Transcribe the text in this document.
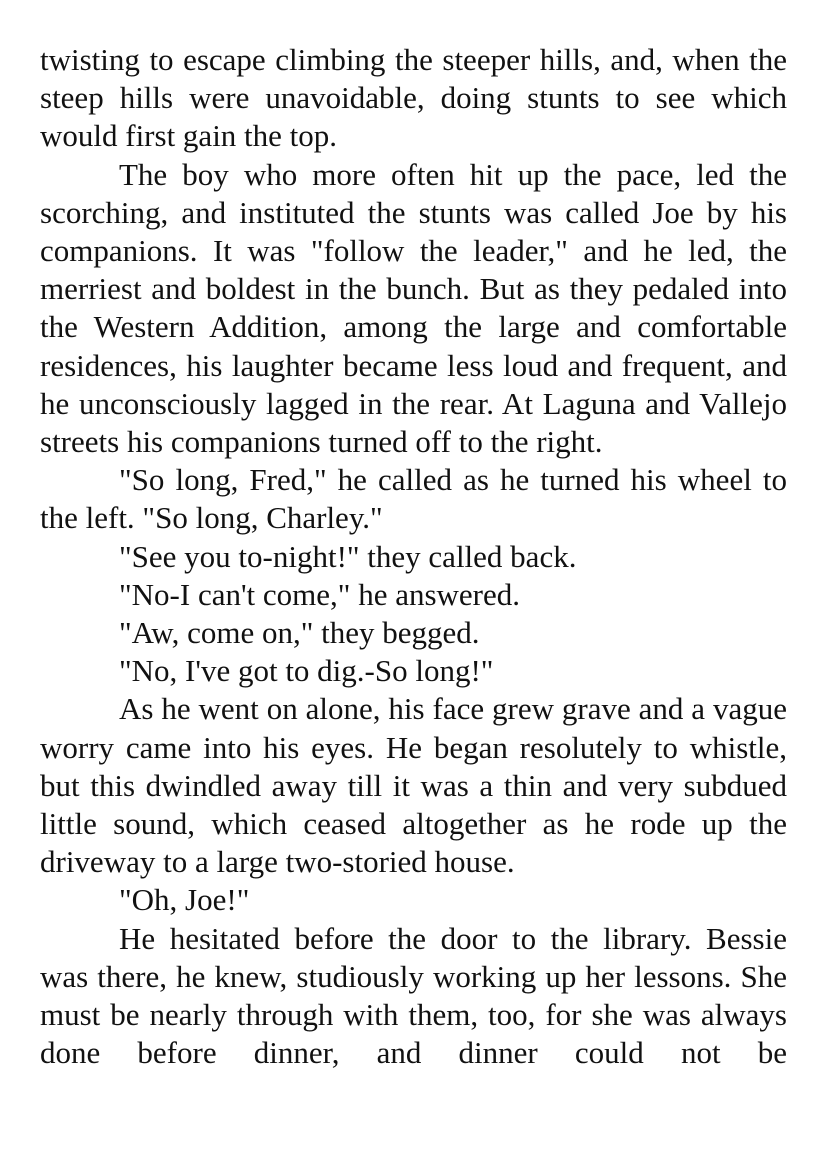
twisting to escape climbing the steeper hills, and, when the steep hills were unavoidable, doing stunts to see which would first gain the top.

The boy who more often hit up the pace, led the scorching, and instituted the stunts was called Joe by his companions. It was "follow the leader," and he led, the merriest and boldest in the bunch. But as they pedaled into the Western Addition, among the large and comfortable residences, his laughter became less loud and frequent, and he unconsciously lagged in the rear. At Laguna and Vallejo streets his companions turned off to the right.

"So long, Fred," he called as he turned his wheel to the left. "So long, Charley."

"See you to-night!" they called back.

"No-I can't come," he answered.

"Aw, come on," they begged.

"No, I've got to dig.-So long!"

As he went on alone, his face grew grave and a vague worry came into his eyes. He began resolutely to whistle, but this dwindled away till it was a thin and very subdued little sound, which ceased altogether as he rode up the driveway to a large two-storied house.

"Oh, Joe!"

He hesitated before the door to the library. Bessie was there, he knew, studiously working up her lessons. She must be nearly through with them, too, for she was always done before dinner, and dinner could not be
